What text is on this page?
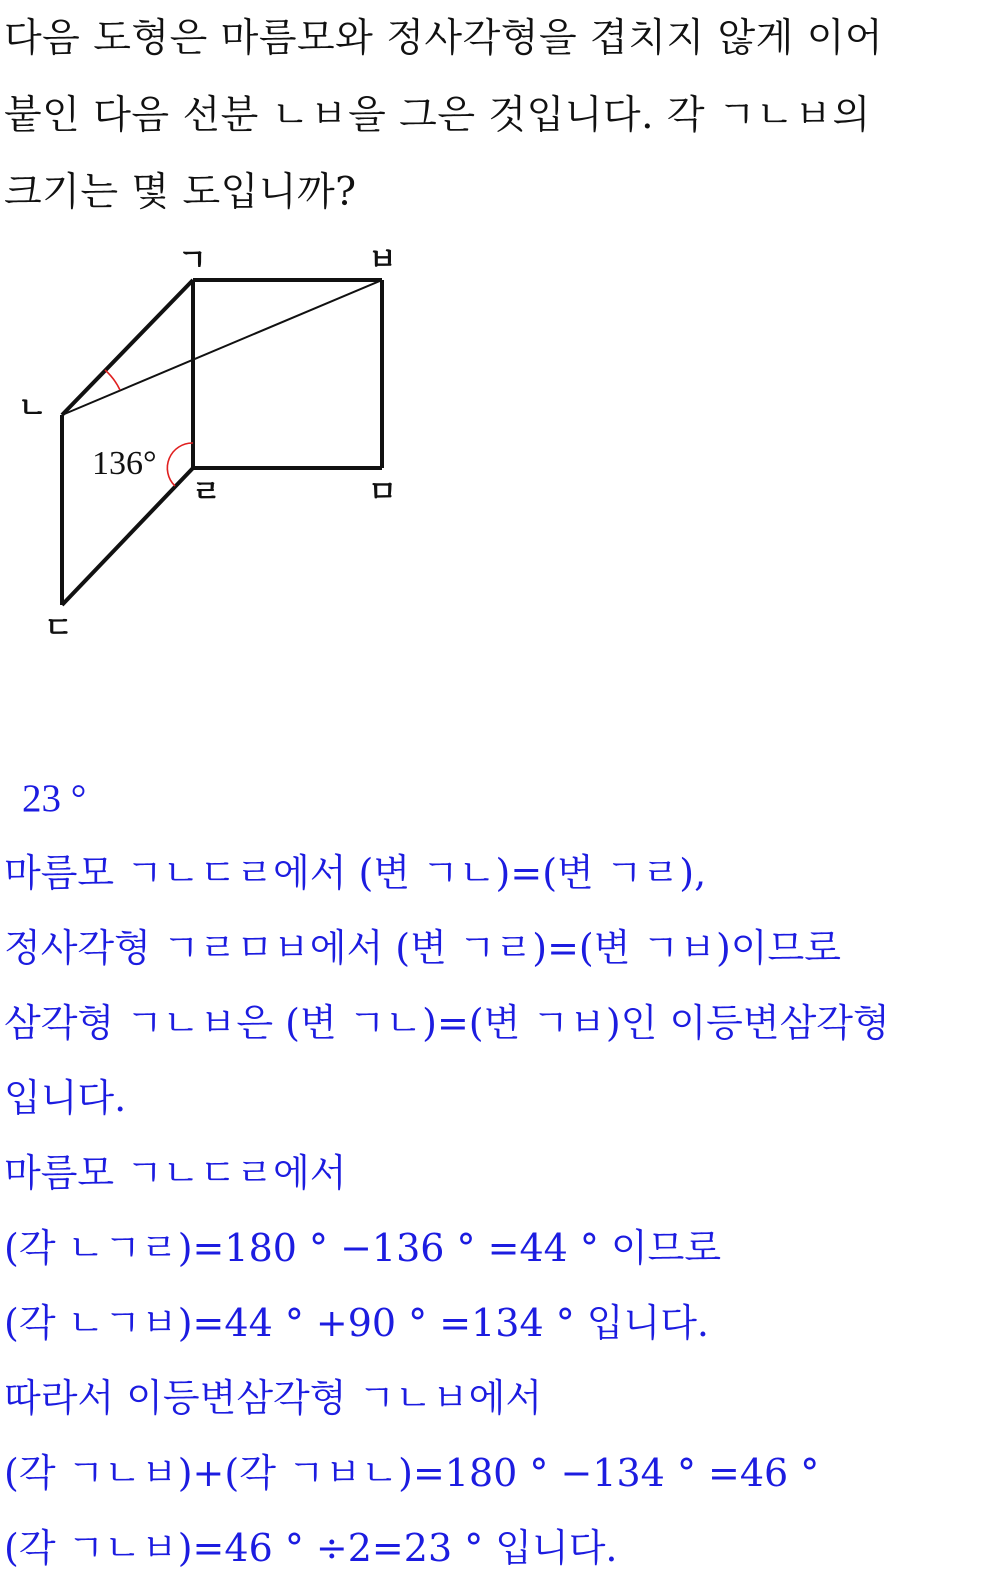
다음 도형은 마름모와 정사각형을 겹치지 않게 이어
붙인 다음 선분 ㄴㅂ을 그은 것입니다. 각 ㄱㄴㅂ의
크기는 몇 도입니까?
ㄱ	ㅂ
ㄴ
ㄹ	ㅁ
ㄷ
136°
23 °
마름모 ㄱㄴㄷㄹ에서 (변 ㄱㄴ)=(변 ㄱㄹ),
정사각형 ㄱㄹㅁㅂ에서 (변 ㄱㄹ)=(변 ㄱㅂ)이므로
삼각형 ㄱㄴㅂ은 (변 ㄱㄴ)=(변 ㄱㅂ)인 이등변삼각형
입니다.
마름모 ㄱㄴㄷㄹ에서
(각 ㄴㄱㄹ)=180 ° −136 ° =44 ° 이므로
(각 ㄴㄱㅂ)=44 ° +90 ° =134 ° 입니다.
따라서 이등변삼각형 ㄱㄴㅂ에서
(각 ㄱㄴㅂ)+(각 ㄱㅂㄴ)=180 ° −134 ° =46 °
(각 ㄱㄴㅂ)=46 ° ÷2=23 ° 입니다.
